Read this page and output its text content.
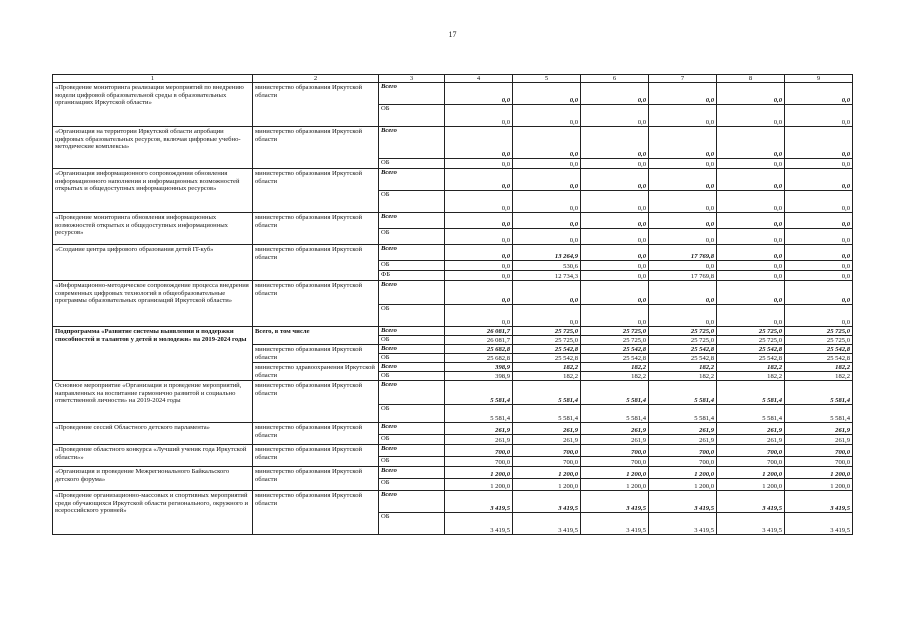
17
1	2	3	4	5	6	7	8	9
«Проведение мониторинга реализации мероприятий по внедрению модели цифровой образовательной среды в образовательных организациях Иркутской области»	министерство образования Иркутской области	Всего	0,0	0,0	0,0	0,0	0,0	0,0
		ОБ	0,0	0,0	0,0	0,0	0,0	0,0
«Организация на территории Иркутской области апробации цифровых образовательных ресурсов, включая цифровые учебно-методические комплексы»	министерство образования Иркутской области	Всего	0,0	0,0	0,0	0,0	0,0	0,0
		ОБ	0,0	0,0	0,0	0,0	0,0	0,0
«Организация информационного сопровождения обновления информационного наполнения и информационных возможностей открытых и общедоступных информационных ресурсов»	министерство образования Иркутской области	Всего	0,0	0,0	0,0	0,0	0,0	0,0
		ОБ	0,0	0,0	0,0	0,0	0,0	0,0
«Проведение мониторинга обновления информационных возможностей открытых и общедоступных информационных ресурсов»	министерство образования Иркутской области	Всего	0,0	0,0	0,0	0,0	0,0	0,0
		ОБ	0,0	0,0	0,0	0,0	0,0	0,0
«Создание центра цифрового образования детей IT-куб»	министерство образования Иркутской области	Всего	0,0	13 264,9	0,0	17 769,8	0,0	0,0
		ОБ	0,0	530,6	0,0	0,0	0,0	0,0
		ФБ	0,0	12 734,3	0,0	17 769,8	0,0	0,0
«Информационно-методическое сопровождение процесса внедрения современных цифровых технологий в общеобразовательные программы образовательных организаций Иркутской области»	министерство образования Иркутской области	Всего	0,0	0,0	0,0	0,0	0,0	0,0
		ОБ	0,0	0,0	0,0	0,0	0,0	0,0
Подпрограмма «Развитие системы выявления и поддержки способностей и талантов у детей и молодежи» на 2019-2024 годы	Всего, в том числе	Всего	26 081,7	25 725,0	25 725,0	25 725,0	25 725,0	25 725,0
		ОБ	26 081,7	25 725,0	25 725,0	25 725,0	25 725,0	25 725,0
	министерство образования Иркутской области	Всего	25 682,8	25 542,8	25 542,8	25 542,8	25 542,8	25 542,8
		ОБ	25 682,8	25 542,8	25 542,8	25 542,8	25 542,8	25 542,8
	министерство здравоохранения Иркутской области	Всего	398,9	182,2	182,2	182,2	182,2	182,2
		ОБ	398,9	182,2	182,2	182,2	182,2	182,2
Основное мероприятие «Организация и проведение мероприятий, направленных на воспитание гармонично развитой и социально ответственной личности» на 2019-2024 годы	министерство образования Иркутской области	Всего	5 581,4	5 581,4	5 581,4	5 581,4	5 581,4	5 581,4
		ОБ	5 581,4	5 581,4	5 581,4	5 581,4	5 581,4	5 581,4
«Проведение сессий Областного детского парламента»	министерство образования Иркутской области	Всего	261,9	261,9	261,9	261,9	261,9	261,9
		ОБ	261,9	261,9	261,9	261,9	261,9	261,9
«Проведение областного конкурса «Лучший ученик года Иркутской области»»	министерство образования Иркутской области	Всего	700,0	700,0	700,0	700,0	700,0	700,0
		ОБ	700,0	700,0	700,0	700,0	700,0	700,0
«Организация и проведение Межрегионального Байкальского детского форума»	министерство образования Иркутской области	Всего	1 200,0	1 200,0	1 200,0	1 200,0	1 200,0	1 200,0
		ОБ	1 200,0	1 200,0	1 200,0	1 200,0	1 200,0	1 200,0
«Проведение организационно-массовых и спортивных мероприятий среди обучающихся Иркутской области регионального, окружного и всероссийского уровней»	министерство образования Иркутской области	Всего	3 419,5	3 419,5	3 419,5	3 419,5	3 419,5	3 419,5
		ОБ	3 419,5	3 419,5	3 419,5	3 419,5	3 419,5	3 419,5
